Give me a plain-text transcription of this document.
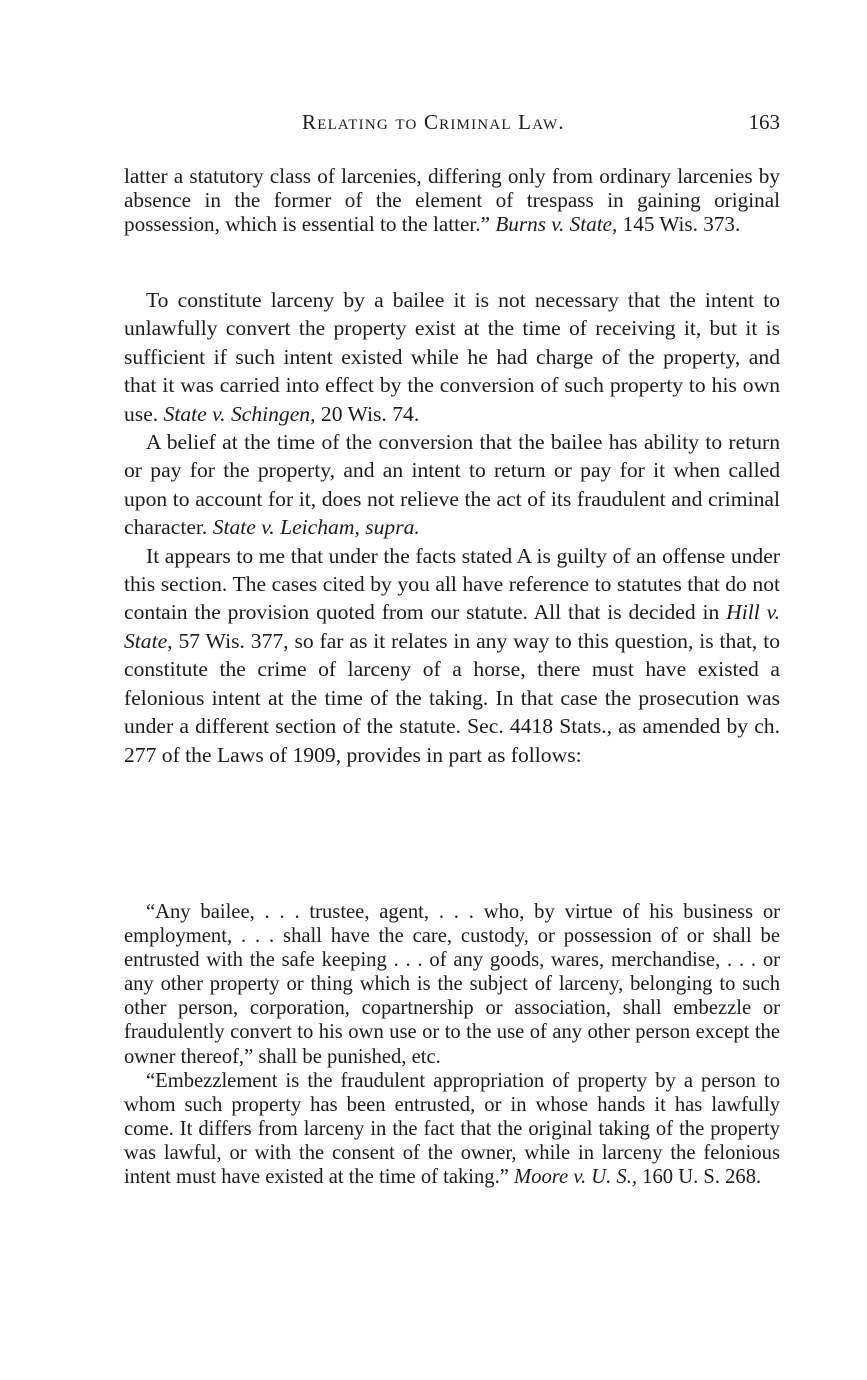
Relating to Criminal Law.	163

latter a statutory class of larcenies, differing only from ordinary larcenies by absence in the former of the element of trespass in gaining original possession, which is essential to the latter.” Burns v. State, 145 Wis. 373.

To constitute larceny by a bailee it is not necessary that the intent to unlawfully convert the property exist at the time of receiving it, but it is sufficient if such intent existed while he had charge of the property, and that it was carried into effect by the conversion of such property to his own use. State v. Schingen, 20 Wis. 74.

A belief at the time of the conversion that the bailee has ability to return or pay for the property, and an intent to return or pay for it when called upon to account for it, does not relieve the act of its fraudulent and criminal character. State v. Leicham, supra.

It appears to me that under the facts stated A is guilty of an offense under this section. The cases cited by you all have reference to statutes that do not contain the provision quoted from our statute. All that is decided in Hill v. State, 57 Wis. 377, so far as it relates in any way to this question, is that, to constitute the crime of larceny of a horse, there must have existed a felonious intent at the time of the taking. In that case the prosecution was under a different section of the statute. Sec. 4418 Stats., as amended by ch. 277 of the Laws of 1909, provides in part as follows:

“Any bailee, . . . trustee, agent, . . . who, by virtue of his business or employment, . . . shall have the care, custody, or possession of or shall be entrusted with the safe keeping . . . of any goods, wares, merchandise, . . . or any other property or thing which is the subject of larceny, belonging to such other person, corporation, copartnership or association, shall embezzle or fraudulently convert to his own use or to the use of any other person except the owner thereof,” shall be punished, etc.

“Embezzlement is the fraudulent appropriation of property by a person to whom such property has been entrusted, or in whose hands it has lawfully come. It differs from larceny in the fact that the original taking of the property was lawful, or with the consent of the owner, while in larceny the felonious intent must have existed at the time of taking.” Moore v. U. S., 160 U. S. 268.
